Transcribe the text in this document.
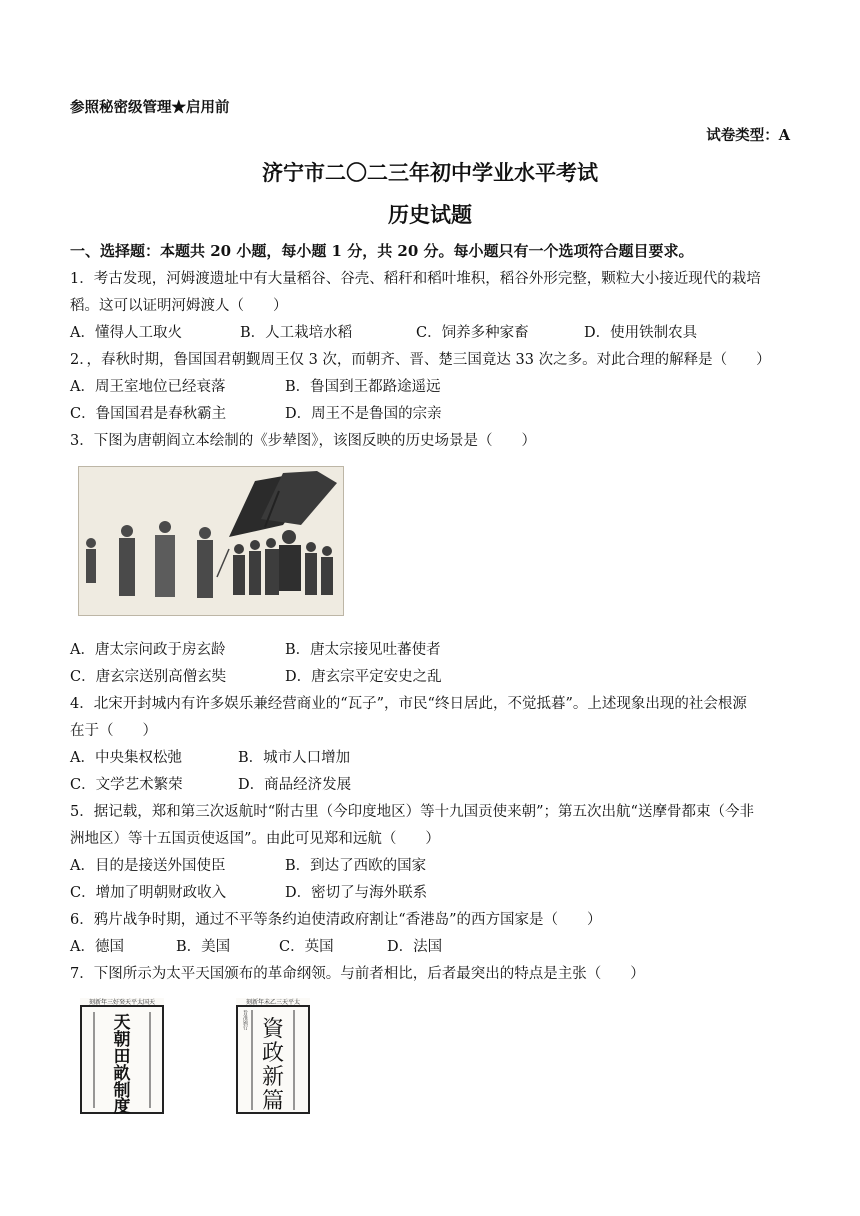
参照秘密级管理★启用前
试卷类型：A
济宁市二〇二三年初中学业水平考试
历史试题
一、选择题：本题共 20 小题，每小题 1 分，共 20 分。每小题只有一个选项符合题目要求。
1．考古发现，河姆渡遗址中有大量稻谷、谷壳、稻秆和稻叶堆积，稻谷外形完整，颗粒大小接近现代的栽培
稻。这可以证明河姆渡人（　　）
A．懂得人工取火	B．人工栽培水稻	C．饲养多种家畜	D．使用铁制农具
2．，春秋时期，鲁国国君朝觐周王仅 3 次，而朝齐、晋、楚三国竟达 33 次之多。对此合理的解释是（　　）
A．周王室地位已经衰落	B．鲁国到王都路途遥远
C．鲁国国君是春秋霸主	D．周王不是鲁国的宗亲
3．下图为唐朝阎立本绘制的《步辇图》，该图反映的历史场景是（　　）
A．唐太宗问政于房玄龄	B．唐太宗接见吐蕃使者
C．唐玄宗送别高僧玄奘	D．唐玄宗平定安史之乱
4．北宋开封城内有许多娱乐兼经营商业的“瓦子”，市民“终日居此，不觉抵暮”。上述现象出现的社会根源
在于（　　）
A．中央集权松弛	B．城市人口增加
C．文学艺术繁荣	D．商品经济发展
5．据记载，郑和第三次返航时“附古里（今印度地区）等十九国贡使来朝”；第五次出航“送摩骨都束（今非
洲地区）等十五国贡使返国”。由此可见郑和远航（　　）
A．目的是接送外国使臣	B．到达了西欧的国家
C．增加了明朝财政收入	D．密切了与海外联系
6．鸦片战争时期，通过不平等条约迫使清政府割让“香港岛”的西方国家是（　　）
A．德国	B．美国	C．英国	D．法国
7．下图所示为太平天国颁布的革命纲领。与前者相比，后者最突出的特点是主张（　　）
刻新年三好癸天平太国天
天
朝
田
畝
制
度
刻新年未乙三天平太
旨准颁行 資
政
新
篇
